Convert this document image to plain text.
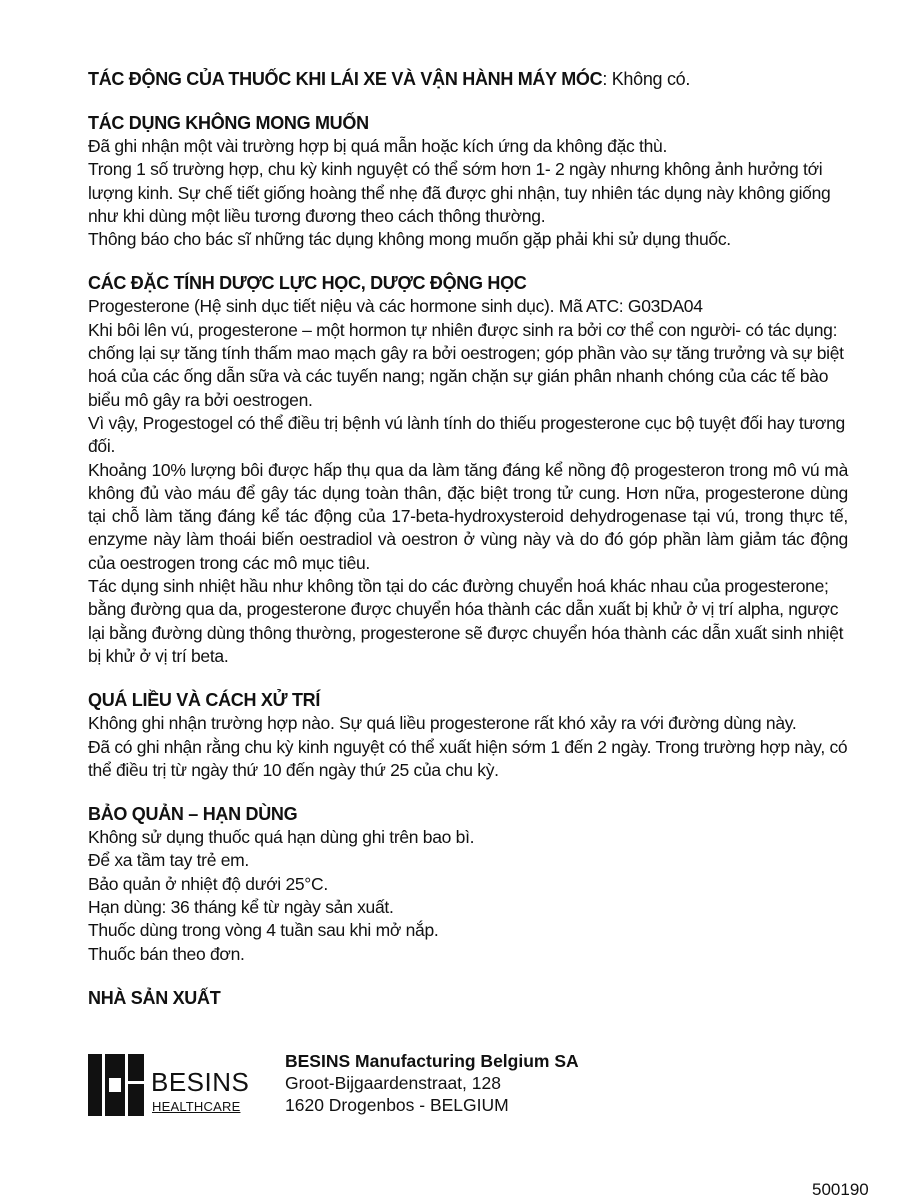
TÁC ĐỘNG CỦA THUỐC KHI LÁI XE VÀ VẬN HÀNH MÁY MÓC: Không có.
TÁC DỤNG KHÔNG MONG MUỐN
Đã ghi nhận một vài trường hợp bị quá mẫn hoặc kích ứng da không đặc thù.
Trong 1 số trường hợp, chu kỳ kinh nguyệt có thể sớm hơn 1- 2 ngày nhưng không ảnh hưởng tới lượng kinh. Sự chế tiết giống hoàng thể nhẹ đã được ghi nhận, tuy nhiên tác dụng này không giống như khi dùng một liều tương đương theo cách thông thường.
Thông báo cho bác sĩ những tác dụng không mong muốn gặp phải khi sử dụng thuốc.
CÁC ĐẶC TÍNH DƯỢC LỰC HỌC, DƯỢC ĐỘNG HỌC
Progesterone (Hệ sinh dục tiết niệu và các hormone sinh dục). Mã ATC: G03DA04
Khi bôi lên vú, progesterone – một hormon tự nhiên được sinh ra bởi cơ thể con người- có tác dụng: chống lại sự tăng tính thấm mao mạch gây ra bởi oestrogen; góp phần vào sự tăng trưởng và sự biệt hoá của các ống dẫn sữa và các tuyến nang; ngăn chặn sự gián phân nhanh chóng của các tế bào biểu mô gây ra bởi oestrogen.
Vì vậy, Progestogel có thể điều trị bệnh vú lành tính do thiếu progesterone cục bộ tuyệt đối hay tương đối.
Khoảng 10% lượng bôi được hấp thụ qua da làm tăng đáng kể nồng độ progesteron trong mô vú mà không đủ vào máu để gây tác dụng toàn thân, đặc biệt trong tử cung. Hơn nữa, progesterone dùng tại chỗ làm tăng đáng kể tác động của 17-beta-hydroxysteroid dehydrogenase tại vú, trong thực tế, enzyme này làm thoái biến oestradiol và oestron ở vùng này và do đó góp phần làm giảm tác động của oestrogen trong các mô mục tiêu.
Tác dụng sinh nhiệt hầu như không tồn tại do các đường chuyển hoá khác nhau của progesterone; bằng đường qua da, progesterone được chuyển hóa thành các dẫn xuất bị khử ở vị trí alpha, ngược lại bằng đường dùng thông thường, progesterone sẽ được chuyển hóa thành các dẫn xuất sinh nhiệt bị khử ở vị trí beta.
QUÁ LIỀU VÀ CÁCH XỬ TRÍ
Không ghi nhận trường hợp nào. Sự quá liều progesterone rất khó xảy ra với đường dùng này.
Đã có ghi nhận rằng chu kỳ kinh nguyệt có thể xuất hiện sớm 1 đến 2 ngày. Trong trường hợp này, có thể điều trị từ ngày thứ 10 đến ngày thứ 25 của chu kỳ.
BẢO QUẢN – HẠN DÙNG
Không sử dụng thuốc quá hạn dùng ghi trên bao bì.
Để xa tầm tay trẻ em.
Bảo quản ở nhiệt độ dưới 25°C.
Hạn dùng: 36 tháng kể từ ngày sản xuất.
Thuốc dùng trong vòng 4 tuần sau khi mở nắp.
Thuốc bán theo đơn.
NHÀ SẢN XUẤT
BESINS
HEALTHCARE
BESINS Manufacturing Belgium SA
Groot-Bijgaardenstraat, 128
1620 Drogenbos - BELGIUM
500190
